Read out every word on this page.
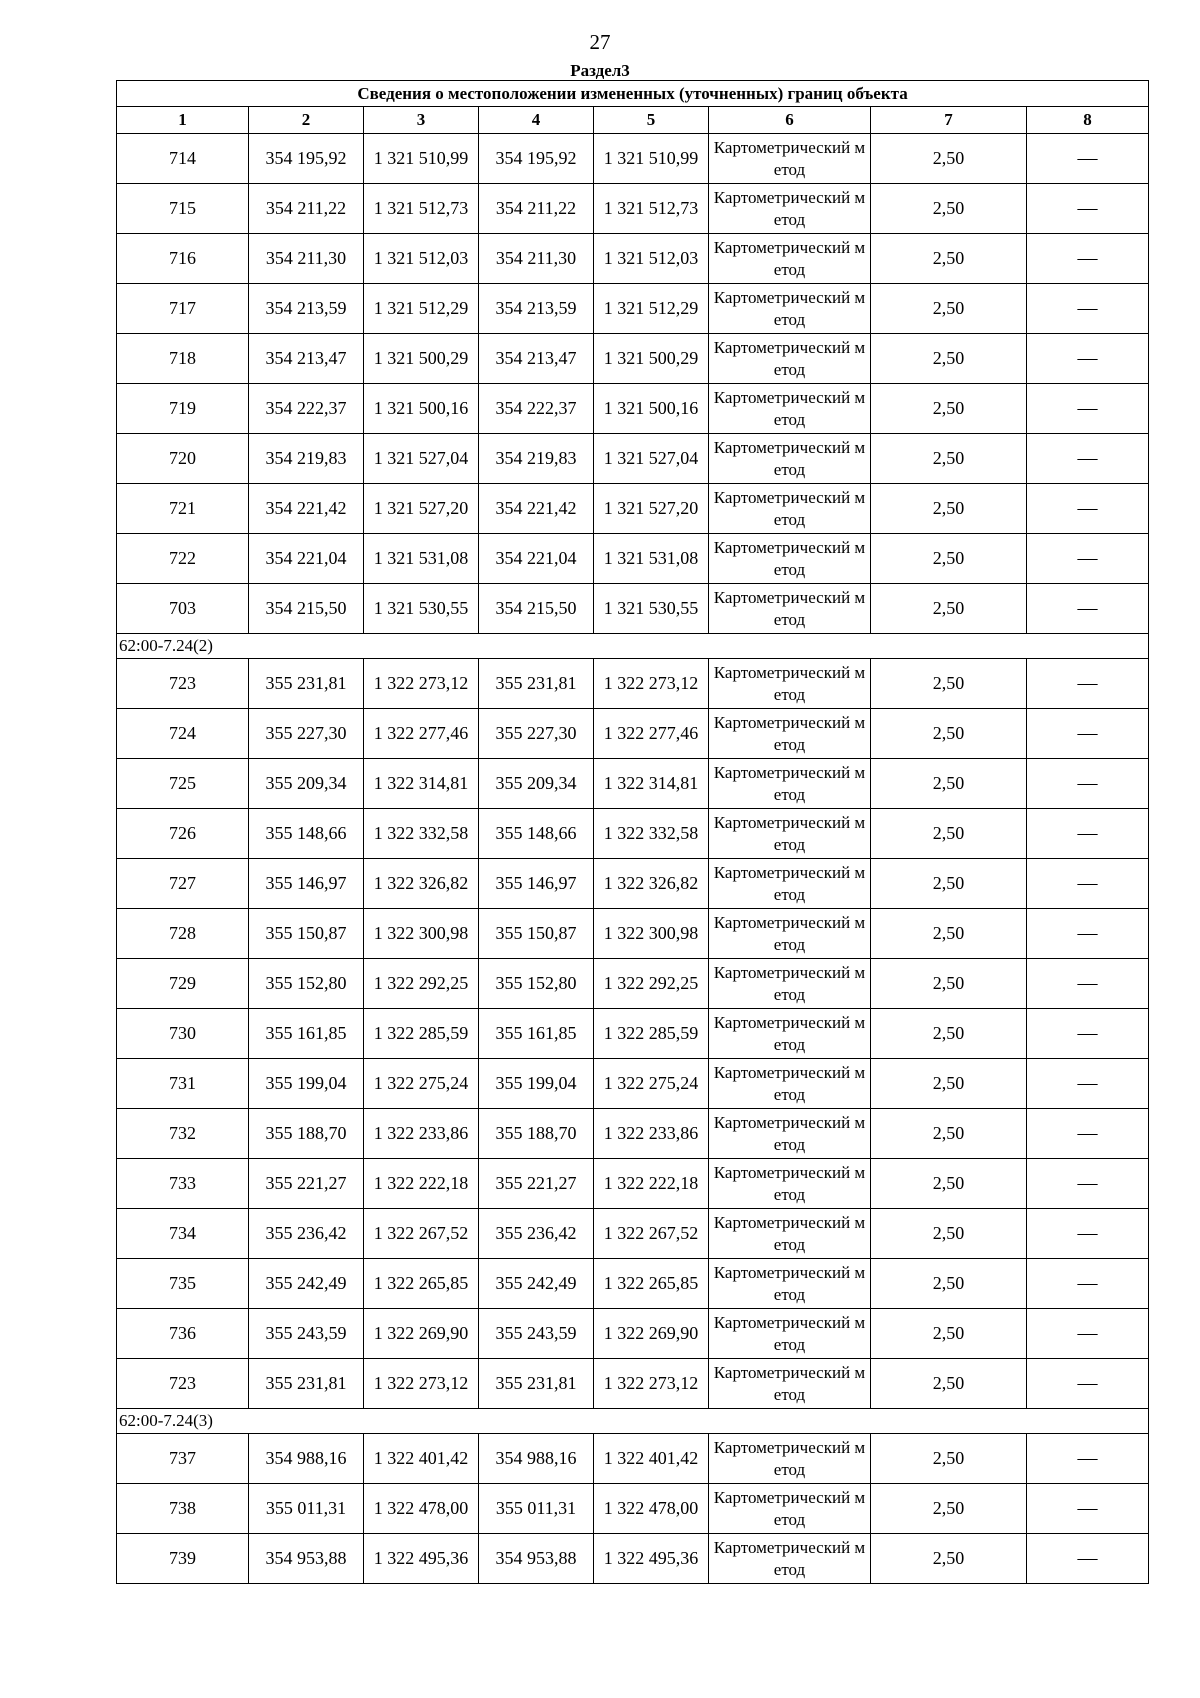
27
Раздел3
Сведения о местоположении измененных (уточненных) границ объекта							
1	2	3	4	5	6	7	8
714	354 195,92	1 321 510,99	354 195,92	1 321 510,99	Картометрический метод	2,50	—
715	354 211,22	1 321 512,73	354 211,22	1 321 512,73	Картометрический метод	2,50	—
716	354 211,30	1 321 512,03	354 211,30	1 321 512,03	Картометрический метод	2,50	—
717	354 213,59	1 321 512,29	354 213,59	1 321 512,29	Картометрический метод	2,50	—
718	354 213,47	1 321 500,29	354 213,47	1 321 500,29	Картометрический метод	2,50	—
719	354 222,37	1 321 500,16	354 222,37	1 321 500,16	Картометрический метод	2,50	—
720	354 219,83	1 321 527,04	354 219,83	1 321 527,04	Картометрический метод	2,50	—
721	354 221,42	1 321 527,20	354 221,42	1 321 527,20	Картометрический метод	2,50	—
722	354 221,04	1 321 531,08	354 221,04	1 321 531,08	Картометрический метод	2,50	—
703	354 215,50	1 321 530,55	354 215,50	1 321 530,55	Картометрический метод	2,50	—
62:00-7.24(2)							
723	355 231,81	1 322 273,12	355 231,81	1 322 273,12	Картометрический метод	2,50	—
724	355 227,30	1 322 277,46	355 227,30	1 322 277,46	Картометрический метод	2,50	—
725	355 209,34	1 322 314,81	355 209,34	1 322 314,81	Картометрический метод	2,50	—
726	355 148,66	1 322 332,58	355 148,66	1 322 332,58	Картометрический метод	2,50	—
727	355 146,97	1 322 326,82	355 146,97	1 322 326,82	Картометрический метод	2,50	—
728	355 150,87	1 322 300,98	355 150,87	1 322 300,98	Картометрический метод	2,50	—
729	355 152,80	1 322 292,25	355 152,80	1 322 292,25	Картометрический метод	2,50	—
730	355 161,85	1 322 285,59	355 161,85	1 322 285,59	Картометрический метод	2,50	—
731	355 199,04	1 322 275,24	355 199,04	1 322 275,24	Картометрический метод	2,50	—
732	355 188,70	1 322 233,86	355 188,70	1 322 233,86	Картометрический метод	2,50	—
733	355 221,27	1 322 222,18	355 221,27	1 322 222,18	Картометрический метод	2,50	—
734	355 236,42	1 322 267,52	355 236,42	1 322 267,52	Картометрический метод	2,50	—
735	355 242,49	1 322 265,85	355 242,49	1 322 265,85	Картометрический метод	2,50	—
736	355 243,59	1 322 269,90	355 243,59	1 322 269,90	Картометрический метод	2,50	—
723	355 231,81	1 322 273,12	355 231,81	1 322 273,12	Картометрический метод	2,50	—
62:00-7.24(3)							
737	354 988,16	1 322 401,42	354 988,16	1 322 401,42	Картометрический метод	2,50	—
738	355 011,31	1 322 478,00	355 011,31	1 322 478,00	Картометрический метод	2,50	—
739	354 953,88	1 322 495,36	354 953,88	1 322 495,36	Картометрический метод	2,50	—
